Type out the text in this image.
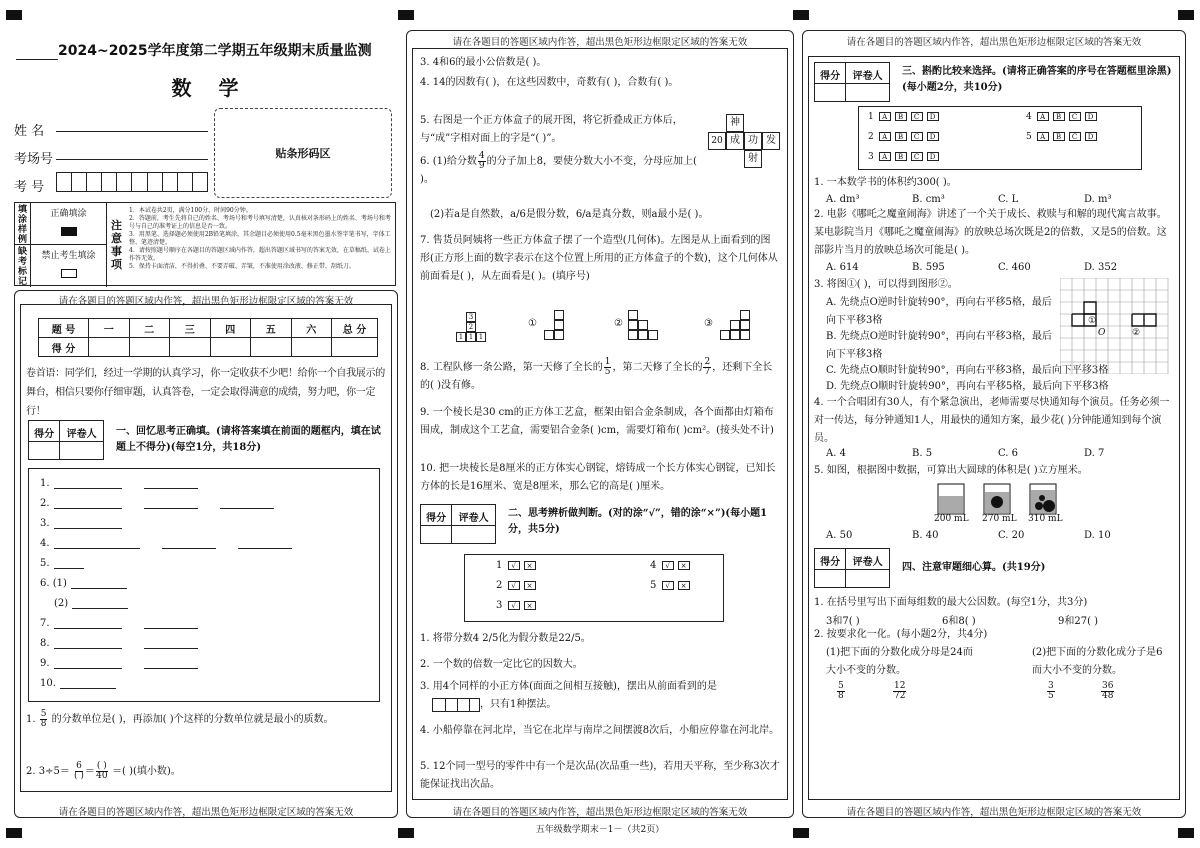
2024~2025学年度第二学期五年级期末质量监测
数 学
姓 名
考场号
考 号
贴条形码区
填涂样例
正确填涂
缺考标记
禁止考生填涂
注意事项
1．本试卷共2页，满分100分，时间90分钟。
2．答题前，考生先将自己的姓名、考场号和考号填写清楚，认真核对条形码上的姓名、考场号和考号与自己的准考证上的信息是否一致。
3．用黑笔、选择题必须使用2B铅笔填涂，其余题目必须使用0.5毫米黑色墨水签字笔书写，字体工整、笔迹清楚。
4．请按照题号顺序在各题目的答题区域内作答，超出答题区域书写的答案无效，在草稿纸、试卷上作答无效。
5．保持卡面清洁，不得折叠、不要弄破、弄皱，不准使用涂改液、修正带、刮纸刀。
请在各题目的答题区域内作答，超出黑色矩形边框限定区域的答案无效
请在各题目的答题区域内作答，超出黑色矩形边框限定区域的答案无效
题 号	一	二	三	四	五	六	总 分
得 分							
卷首语：同学们，经过一学期的认真学习，你一定收获不少吧！给你一个自我展示的舞台，相信只要你仔细审题，认真答卷，一定会取得满意的成绩，努力吧，你一定行！
得分	评卷人	一、回忆思考正确填。(请将答案填在前面的题框内，填在试题上不得分)(每空1分，共18分)
1.
2.
3.
4.
5.
6. (1)
(2)
7.
8.
9.
10.
1. $\frac{5}{8}$ 的分数单位是( )，再添加( )个这样的分数单位就是最小的质数。
2. 3÷5＝ 6
( ) ＝ ( )
40 ＝( )(填小数)。
请在各题目的答题区域内作答，超出黑色矩形边框限定区域的答案无效
请在各题目的答题区域内作答，超出黑色矩形边框限定区域的答案无效
五年级数学期末－1－（共2页）
3. 4和6的最小公倍数是( )。
4. 14的因数有( )，在这些因数中，奇数有( )，合数有( )。
5. 右图是一个正方体盒子的展开图，将它折叠成正方体后，与“成”字相对面上的字是“( )”。
神
20 成 功 发
射
6. (1)给分数 $\frac{4}{9}$ 的分子加上8，要使分数大小不变，分母应加上( )。
(2)若a是自然数，a/6是假分数，6/a是真分数，则a最小是( )。
7. 售货员阿姨将一些正方体盒子摆了一个造型(几何体)。左图是从上面看到的图形(正方形上面的数字表示在这个位置上所用的正方体盒子的个数)，这个几何体从前面看是( )，从左面看是( )。(填序号)
3
2
1 1 1
①	②	③
8. 工程队修一条公路，第一天修了全长的 $\frac{1}{5}$ ，第二天修了全长的 $\frac{2}{7}$ ，还剩下全长的( )没有修。
9. 一个棱长是30 cm的正方体工艺盒，框架由铝合金条制成，各个面都由灯箱布围成，制成这个工艺盒，需要铝合金条( )cm，需要灯箱布( )cm²。(接头处不计)
10. 把一块棱长是8厘米的正方体实心钢锭，熔铸成一个长方体实心钢锭，已知长方体的长是16厘米、宽是8厘米，那么它的高是( )厘米。
得分	评卷人	二、思考辨析做判断。(对的涂“√”，错的涂“×”)(每小题1分，共5分)
1 √ ×
2 √ ×
3 √ ×
4 √ ×
5 √ ×
1. 将带分数4 2/5化为假分数是22/5。
2. 一个数的倍数一定比它的因数大。
3. 用4个同样的小正方体(面面之间相互接触)，摆出从前面看到的是

，只有1种摆法。
4. 小船停靠在河北岸，当它在北岸与南岸之间摆渡8次后，小船应停靠在河北岸。
5. 12个同一型号的零件中有一个是次品(次品重一些)，若用天平称，至少称3次才能保证找出次品。
请在各题目的答题区域内作答，超出黑色矩形边框限定区域的答案无效
请在各题目的答题区域内作答，超出黑色矩形边框限定区域的答案无效
得分	评卷人	三、斟酌比较来选择。(请将正确答案的序号在答题框里涂黑)(每小题2分，共10分)
1 A B C D
2 A B C D
3 A B C D
4 A B C D
5 A B C D
1. 一本数学书的体积约300( )。
A. dm³	B. cm³	C. L	D. m³
2. 电影《哪吒之魔童闹海》讲述了一个关于成长、救赎与和解的现代寓言故事。某电影院当月《哪吒之魔童闹海》的放映总场次既是2的倍数，又是5的倍数。这部影片当月的放映总场次可能是( )。
A. 614	B. 595	C. 460	D. 352
3. 将图①( )，可以得到图形②。
A. 先绕点O逆时针旋转90°，再向右平移5格，最后向下平移3格
B. 先绕点O逆时针旋转90°，再向右平移3格，最后向下平移3格
C. 先绕点O顺时针旋转90°，再向右平移3格，最后向下平移3格
D. 先绕点O顺时针旋转90°，再向右平移5格，最后向下平移3格
①
O	②
4. 一个合唱团有30人，有个紧急演出，老师需要尽快通知每个演员。任务必须一对一传达，每分钟通知1人，用最快的通知方案，最少花( )分钟能通知到每个演员。
A. 4	B. 5	C. 6	D. 7
5. 如图，根据图中数据，可算出大圆球的体积是( )立方厘米。
200 mL 270 mL 310 mL
A. 50	B. 40	C. 20	D. 10
得分	评卷人	四、注意审题细心算。(共19分)
1. 在括号里写出下面每组数的最大公因数。(每空1分，共3分)
3和7( )	6和8( )	9和27( )
2. 按要求化一化。(每小题2分，共4分)
(1)把下面的分数化成分母是24而大小不变的分数。
(2)把下面的分数化成分子是6而大小不变的分数。
$\frac{5}{8}$	$\frac{12}{72}$	$\frac{3}{5}$	$\frac{36}{48}$
